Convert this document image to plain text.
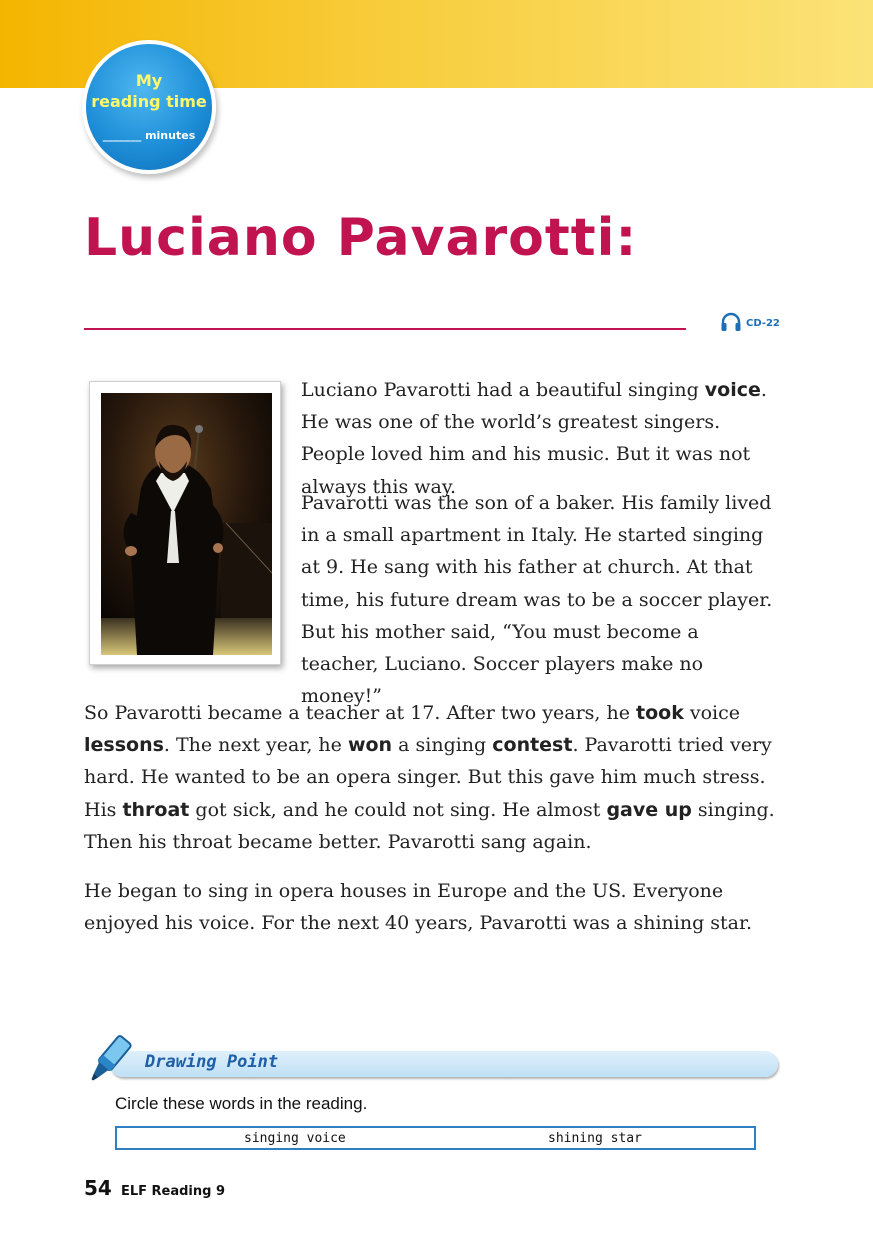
My
reading time
_______ minutes
Luciano Pavarotti:
CD-22

Luciano Pavarotti had a beautiful singing voice. He was one of the world’s greatest singers. People loved him and his music. But it was not always this way.

Pavarotti was the son of a baker. His family lived in a small apartment in Italy. He started singing at 9. He sang with his father at church. At that time, his future dream was to be a soccer player. But his mother said, “You must become a teacher, Luciano. Soccer players make no money!”

So Pavarotti became a teacher at 17. After two years, he took voice lessons. The next year, he won a singing contest. Pavarotti tried very hard. He wanted to be an opera singer. But this gave him much stress. His throat got sick, and he could not sing. He almost gave up singing. Then his throat became better. Pavarotti sang again.

He began to sing in opera houses in Europe and the US. Everyone enjoyed his voice. For the next 40 years, Pavarotti was a shining star.

Drawing Point
Circle these words in the reading.
singing voice	shining star
54 ELF Reading 9
